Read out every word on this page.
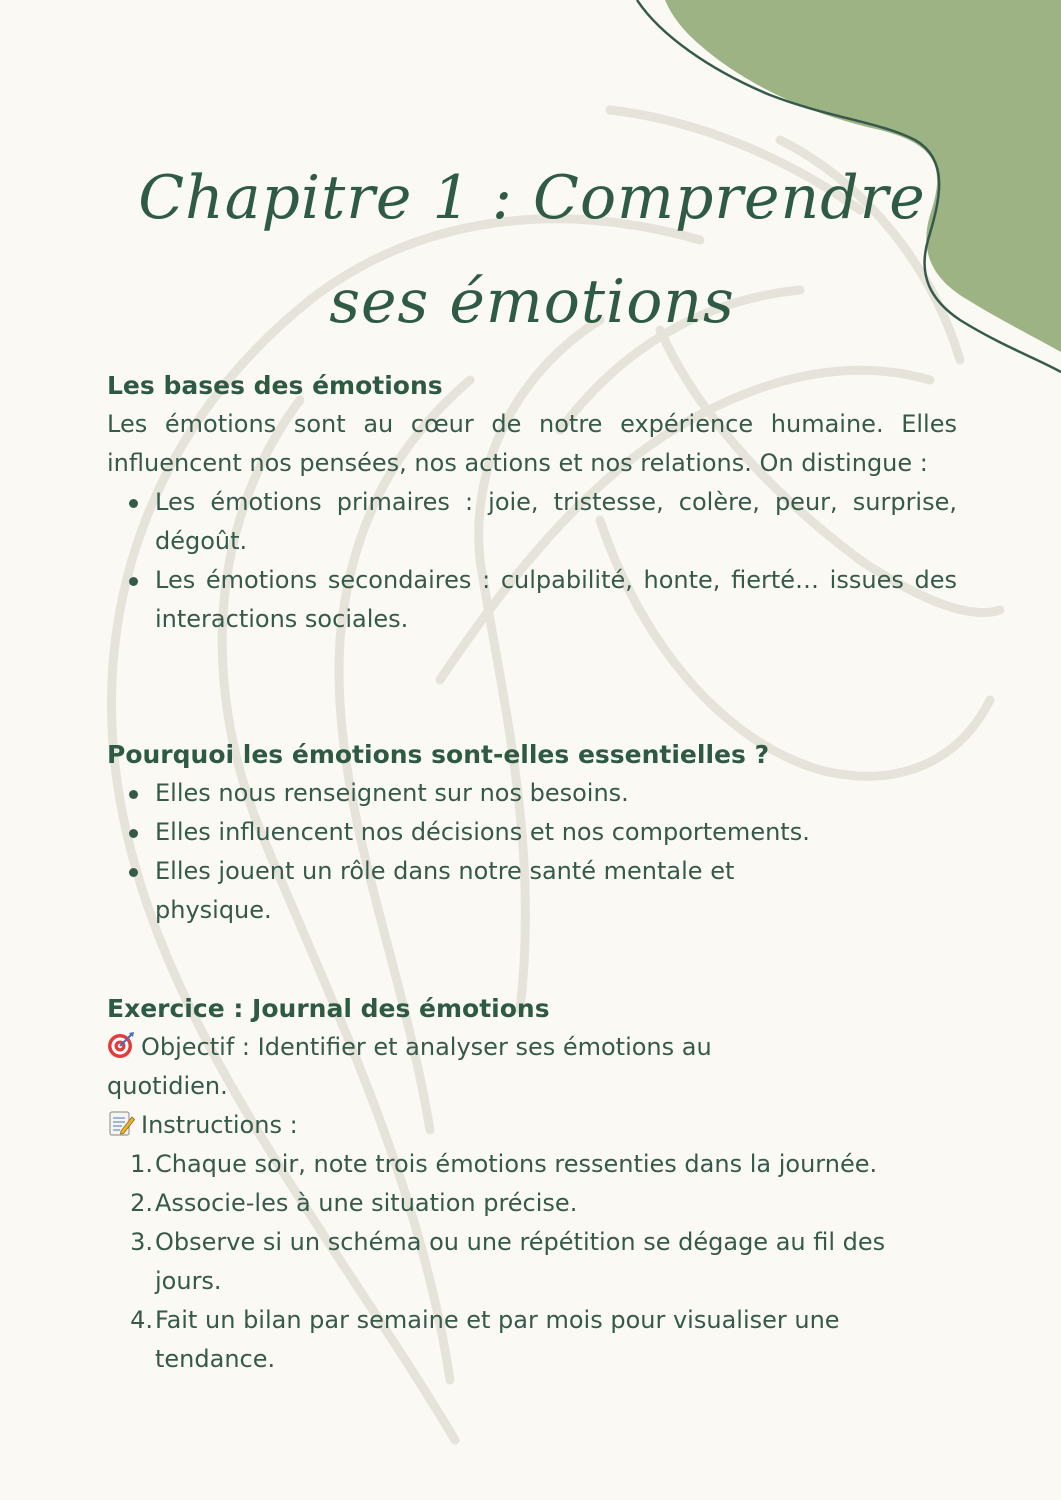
Chapitre 1 : Comprendre
ses émotions

Les bases des émotions

Les émotions sont au cœur de notre expérience humaine. Elles influencent nos pensées, nos actions et nos relations. On distingue :

Les émotions primaires : joie, tristesse, colère, peur, surprise, dégoût.
Les émotions secondaires : culpabilité, honte, fierté… issues des interactions sociales.

Pourquoi les émotions sont-elles essentielles ?

Elles nous renseignent sur nos besoins.
Elles influencent nos décisions et nos comportements.
Elles jouent un rôle dans notre santé mentale et physique.

Exercice : Journal des émotions

Objectif : Identifier et analyser ses émotions au quotidien.

Instructions :

1. Chaque soir, note trois émotions ressenties dans la journée.
2. Associe-les à une situation précise.
3. Observe si un schéma ou une répétition se dégage au fil des jours.
4. Fait un bilan par semaine et par mois pour visualiser une tendance.
